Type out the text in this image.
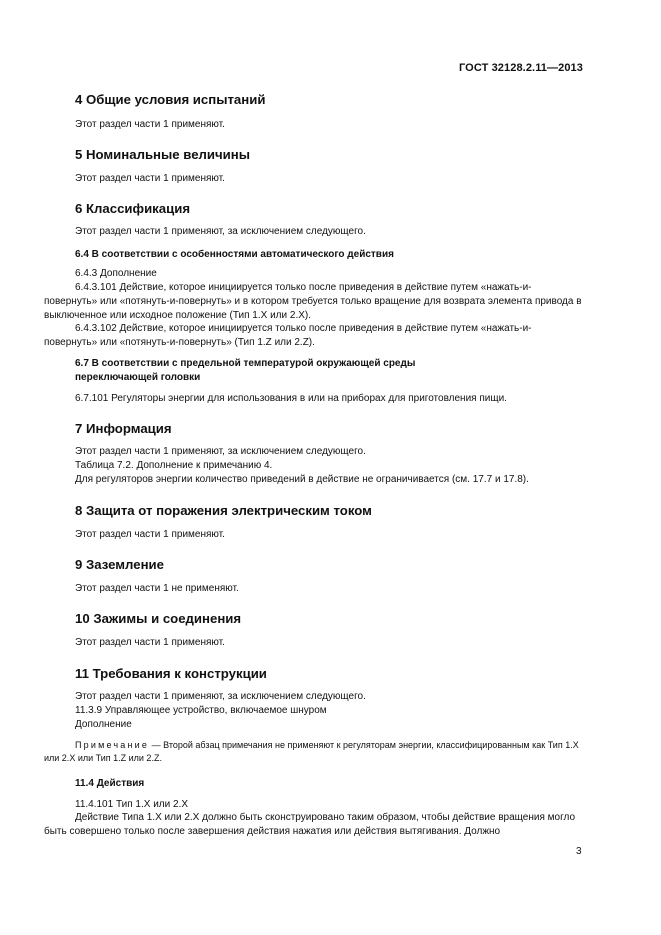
ГОСТ 32128.2.11—2013
4 Общие условия испытаний
Этот раздел части 1 применяют.
5 Номинальные величины
Этот раздел части 1 применяют.
6 Классификация
Этот раздел части 1 применяют, за исключением следующего.
6.4 В соответствии с особенностями автоматического действия
6.4.3 Дополнение
6.4.3.101 Действие, которое инициируется только после приведения в действие путем «нажать-и-повернуть» или «потянуть-и-повернуть» и в котором требуется только вращение для возврата элемента привода в выключенное или исходное положение (Тип 1.X или 2.X).
6.4.3.102 Действие, которое инициируется только после приведения в действие путем «нажать-и-повернуть» или «потянуть-и-повернуть» (Тип 1.Z или 2.Z).
6.7 В соответствии с предельной температурой окружающей среды
переключающей головки
6.7.101 Регуляторы энергии для использования в или на приборах для приготовления пищи.
7 Информация
Этот раздел части 1 применяют, за исключением следующего.
Таблица 7.2. Дополнение к примечанию 4.
Для регуляторов энергии количество приведений в действие не ограничивается (см. 17.7 и 17.8).
8 Защита от поражения электрическим током
Этот раздел части 1 применяют.
9 Заземление
Этот раздел части 1 не применяют.
10 Зажимы и соединения
Этот раздел части 1 применяют.
11 Требования к конструкции
Этот раздел части 1 применяют, за исключением следующего.
11.3.9 Управляющее устройство, включаемое шнуром
Дополнение
Примечание — Второй абзац примечания не применяют к регуляторам энергии, классифицированным как Тип 1.X или 2.X или Тип 1.Z или 2.Z.
11.4 Действия
11.4.101 Тип 1.X или 2.X
Действие Типа 1.X или 2.X должно быть сконструировано таким образом, чтобы действие вращения могло быть совершено только после завершения действия нажатия или действия вытягивания. Должно
3
